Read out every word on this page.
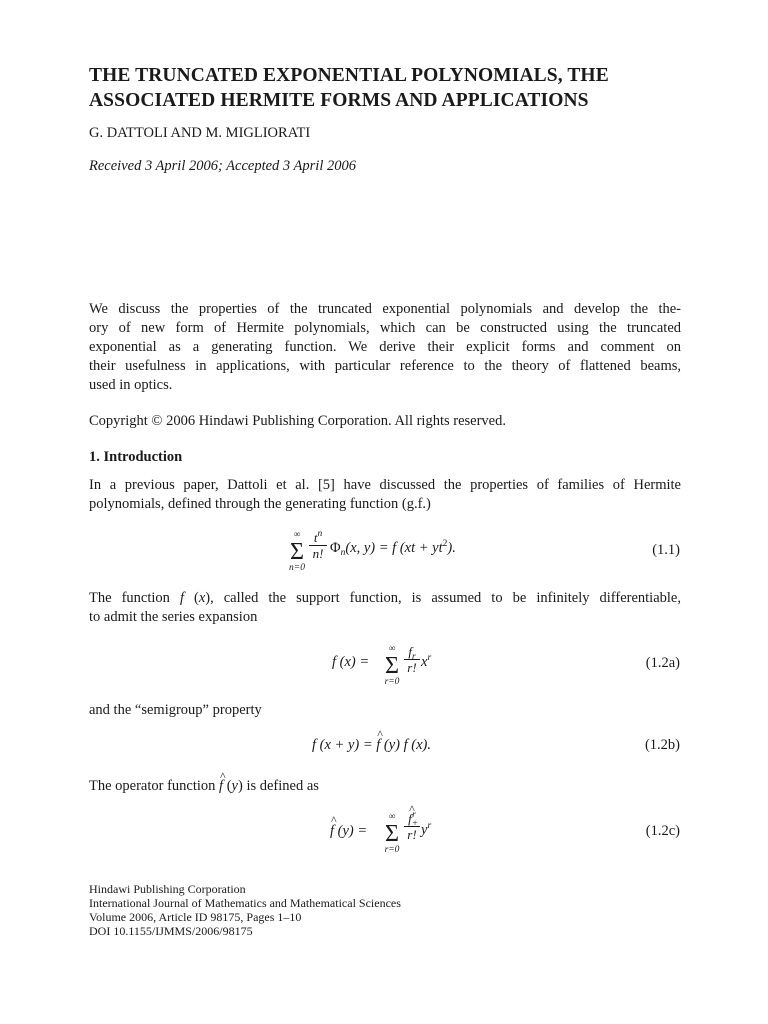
THE TRUNCATED EXPONENTIAL POLYNOMIALS, THE
ASSOCIATED HERMITE FORMS AND APPLICATIONS
G. DATTOLI AND M. MIGLIORATI
Received 3 April 2006; Accepted 3 April 2006
We discuss the properties of the truncated exponential polynomials and develop the the-
ory of new form of Hermite polynomials, which can be constructed using the truncated
exponential as a generating function. We derive their explicit forms and comment on
their usefulness in applications, with particular reference to the theory of flattened beams,
used in optics.
Copyright © 2006 Hindawi Publishing Corporation. All rights reserved.
1. Introduction
In a previous paper, Dattoli et al. [5] have discussed the properties of families of Hermite
polynomials, defined through the generating function (g.f.)
∞
Σ
n=0
$t^n$
n! $\Phi_n(x$, y) = f $(xt + yt^2)$.	(1.1)
The function f (x), called the support function, is assumed to be infinitely differentiable,
to admit the series expansion
f (x) =
∞
Σ
r=0
$f_r$
r! $x^r$	(1.2a)
and the “semigroup” property
f (x + y) = ^ f (y) f (x).	(1.2b)
The operator function ^ f (y) is defined as
^ f (y) =
∞
Σ
r=0
^ $f_+^r$
r! $y^r$	(1.2c)
Hindawi Publishing Corporation
International Journal of Mathematics and Mathematical Sciences
Volume 2006, Article ID 98175, Pages 1–10
DOI 10.1155/IJMMS/2006/98175
